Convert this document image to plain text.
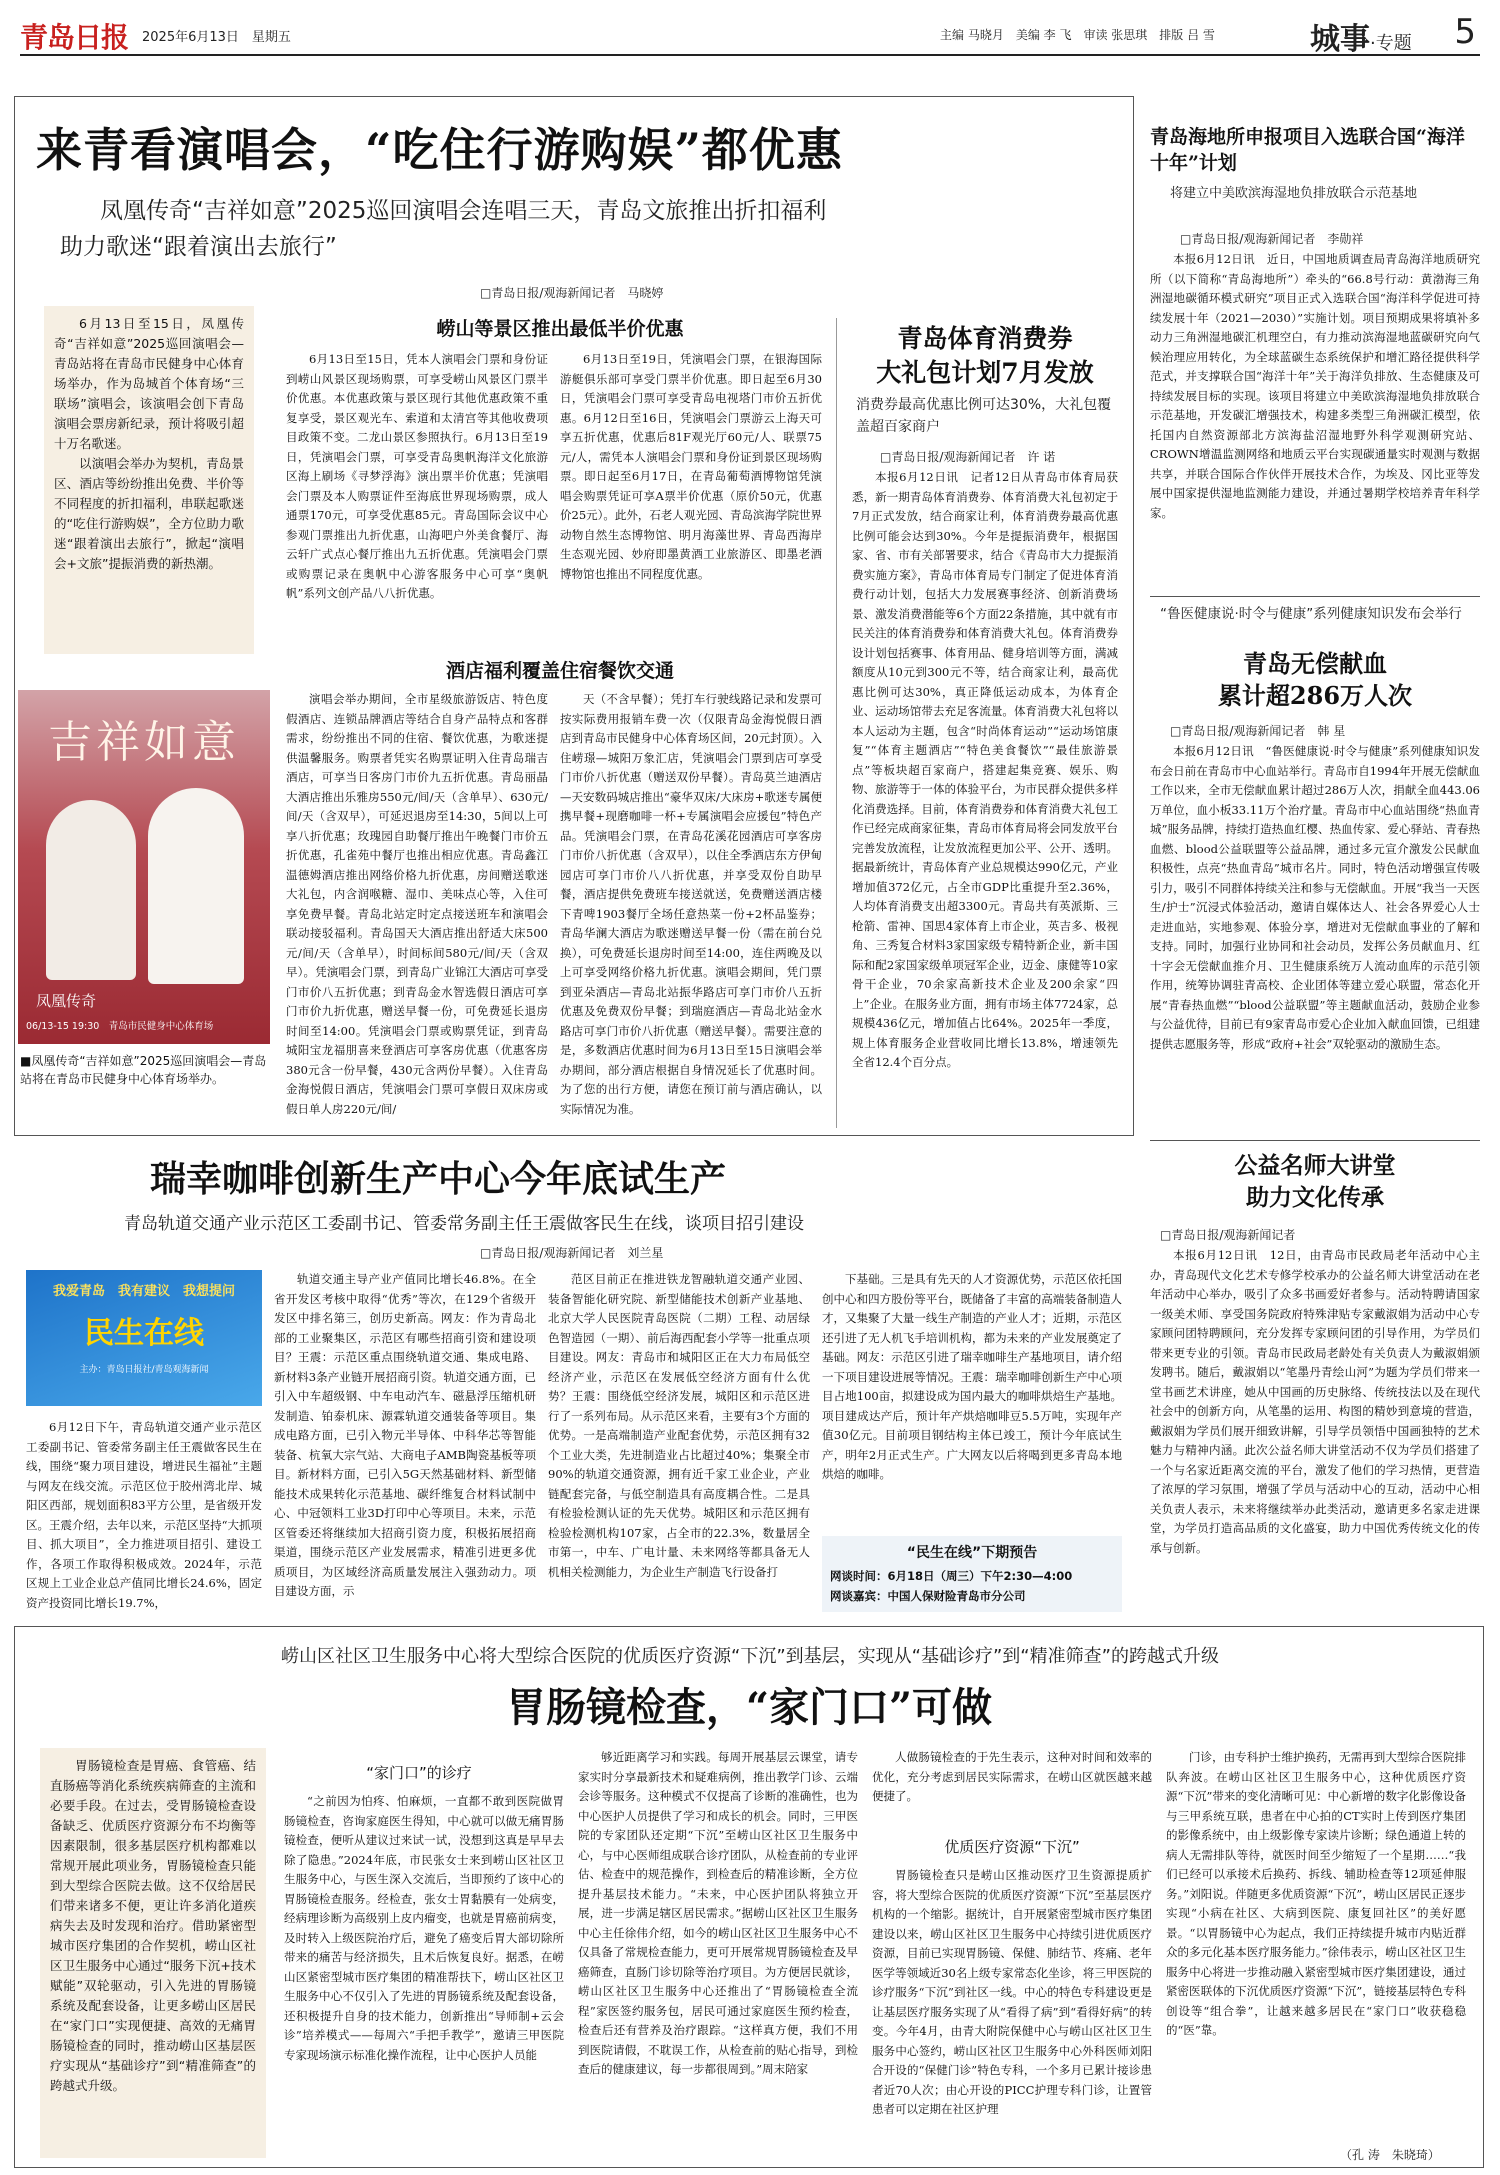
青岛日报 2025年6月13日　星期五	主编 马晓月　美编 李 飞　审读 张思琪　排版 吕 雪	城事·专题 5
来青看演唱会，“吃住行游购娱”都优惠
凤凰传奇“吉祥如意”2025巡回演唱会连唱三天，青岛文旅推出折扣福利
助力歌迷“跟着演出去旅行”
□青岛日报/观海新闻记者　马晓婷

6月13日至15日，凤凰传奇“吉祥如意”2025巡回演唱会—青岛站将在青岛市民健身中心体育场举办，作为岛城首个体育场“三联场”演唱会，该演唱会创下青岛演唱会票房新纪录，预计将吸引超十万名歌迷。

以演唱会举办为契机，青岛景区、酒店等纷纷推出免费、半价等不同程度的折扣福利，串联起歌迷的“吃住行游购娱”，全方位助力歌迷“跟着演出去旅行”，掀起“演唱会+文旅”提振消费的新热潮。

吉祥如意
凤凰传奇
06/13-15 19:30　青岛市民健身中心体育场
■凤凰传奇“吉祥如意”2025巡回演唱会—青岛站将在青岛市民健身中心体育场举办。
崂山等景区推出最低半价优惠

6月13日至15日，凭本人演唱会门票和身份证到崂山风景区现场购票，可享受崂山风景区门票半价优惠。本优惠政策与景区现行其他优惠政策不重复享受，景区观光车、索道和太清宫等其他收费项目政策不变。二龙山景区参照执行。6月13日至19日，凭演唱会门票，可享受青岛奥帆海洋文化旅游区海上刷场《寻梦浮海》演出票半价优惠；凭演唱会门票及本人购票证件至海底世界现场购票，成人通票170元，可享受优惠85元。青岛国际会议中心参观门票推出九折优惠，山海吧户外美食餐厅、海云轩广式点心餐厅推出九五折优惠。凭演唱会门票或购票记录在奥帆中心游客服务中心可享“奥帆帆”系列文创产品八八折优惠。

6月13日至19日，凭演唱会门票，在银海国际游艇俱乐部可享受门票半价优惠。即日起至6月30日，凭演唱会门票可享受青岛电视塔门市价五折优惠。6月12日至16日，凭演唱会门票游云上海天可享五折优惠，优惠后81F观光厅60元/人、联票75元/人，需凭本人演唱会门票和身份证到景区现场购票。即日起至6月17日，在青岛葡萄酒博物馆凭演唱会购票凭证可享A票半价优惠（原价50元，优惠价25元）。此外，石老人观光园、青岛滨海学院世界动物自然生态博物馆、明月海藻世界、青岛西海岸生态观光园、妙府即墨黄酒工业旅游区、即墨老酒博物馆也推出不同程度优惠。

酒店福利覆盖住宿餐饮交通

演唱会举办期间，全市星级旅游饭店、特色度假酒店、连锁品牌酒店等结合自身产品特点和客群需求，纷纷推出不同的住宿、餐饮优惠，为歌迷提供温馨服务。购票者凭实名购票证明入住青岛瑞吉酒店，可享当日客房门市价九五折优惠。青岛丽晶大酒店推出乐雅房550元/间/天（含单早）、630元/间/天（含双早），可延迟退房至14:30，5间以上可享八折优惠；玫瑰园自助餐厅推出午晚餐门市价五折优惠，孔雀苑中餐厅也推出相应优惠。青岛鑫江温德姆酒店推出网络价格九折优惠，房间赠送歌迷大礼包，内含润喉糖、湿巾、美味点心等，入住可享免费早餐。青岛北站定时定点接送班车和演唱会联动接驳福利。青岛国天大酒店推出舒适大床500元/间/天（含单早），时间标间580元/间/天（含双早）。凭演唱会门票，到青岛广业锦江大酒店可享受门市价八五折优惠；到青岛金水智选假日酒店可享门市价九折优惠，赠送早餐一份，可免费延长退房时间至14:00。凭演唱会门票或购票凭证，到青岛城阳宝龙福朋喜来登酒店可享客房优惠（优惠客房380元含一份早餐，430元含两份早餐）。入住青岛金海悦假日酒店，凭演唱会门票可享假日双床房或假日单人房220元/间/

天（不含早餐）；凭打车行驶线路记录和发票可按实际费用报销车费一次（仅限青岛金海悦假日酒店到青岛市民健身中心体育场区间，20元封顶）。入住崂璟—城阳万象汇店，凭演唱会门票到店可享受门市价八折优惠（赠送双份早餐）。青岛莫兰迪酒店—天安数码城店推出“豪华双床/大床房+歌迷专属便携早餐+现磨咖啡一杯+专属演唱会应援包”特色产品。凭演唱会门票，在青岛花溪花园酒店可享客房门市价八折优惠（含双早），以住全季酒店东方伊甸园店可享门市价八八折优惠，并享受双份自助早餐，酒店提供免费班车接送就送，免费赠送酒店楼下青啤1903餐厅全场任意热菜一份+2杯品鉴券；青岛华澜大酒店为歌迷赠送早餐一份（需在前台兑换），可免费延长退房时间至14:00，连住两晚及以上可享受网络价格九折优惠。演唱会期间，凭门票到亚朵酒店—青岛北站振华路店可享门市价八五折优惠及免费双份早餐；到瑞庭酒店—青岛北站金水路店可享门市价八折优惠（赠送早餐）。需要注意的是，多数酒店优惠时间为6月13日至15日演唱会举办期间，部分酒店根据自身情况延长了优惠时间。为了您的出行方便，请您在预订前与酒店确认，以实际情况为准。

青岛体育消费券
大礼包计划7月发放
消费券最高优惠比例可达30%，大礼包覆盖超百家商户
□青岛日报/观海新闻记者　许 诺

本报6月12日讯　记者12日从青岛市体育局获悉，新一期青岛体育消费券、体育消费大礼包初定于7月正式发放，结合商家让利，体育消费券最高优惠比例可能会达到30%。今年是提振消费年，根据国家、省、市有关部署要求，结合《青岛市大力提振消费实施方案》，青岛市体育局专门制定了促进体育消费行动计划，包括大力发展赛事经济、创新消费场景、激发消费潜能等6个方面22条措施，其中就有市民关注的体育消费券和体育消费大礼包。体育消费券设计划包括赛事、体育用品、健身培训等方面，满减额度从10元到300元不等，结合商家让利，最高优惠比例可达30%，真正降低运动成本，为体育企业、运动场馆带去充足客流量。体育消费大礼包将以本人运动为主题，包含“时尚体育运动”“运动场馆康复”“体育主题酒店”“特色美食餐饮”“最佳旅游景点”等板块超百家商户，搭建起集竞赛、娱乐、购物、旅游等于一体的体验平台，为市民群众提供多样化消费选择。目前，体育消费券和体育消费大礼包工作已经完成商家征集，青岛市体育局将会同发放平台完善发放流程，让发放流程更加公平、公开、透明。据最新统计，青岛体育产业总规模达990亿元，产业增加值372亿元，占全市GDP比重提升至2.36%，人均体育消费支出超3300元。青岛共有英派斯、三枪箭、雷神、国思4家体育上市企业，英吉多、极视角、三秀复合材料3家国家级专精特新企业，新丰国际和配2家国家级单项冠军企业，迈金、康健等10家骨干企业，70余家高新技术企业及200余家“四上”企业。在服务业方面，拥有市场主体7724家，总规模436亿元，增加值占比64%。2025年一季度，规上体育服务企业营收同比增长13.8%，增速领先全省12.4个百分点。

青岛海地所申报项目入选联合国“海洋十年”计划
将建立中美欧滨海湿地负排放联合示范基地
□青岛日报/观海新闻记者　李勋祥

本报6月12日讯　近日，中国地质调查局青岛海洋地质研究所（以下简称“青岛海地所”）牵头的“66.8号行动：黄渤海三角洲湿地碳循环模式研究”项目正式入选联合国“海洋科学促进可持续发展十年（2021—2030）”实施计划。项目预期成果将填补多动力三角洲湿地碳汇机理空白，有力推动滨海湿地蓝碳研究向气候治理应用转化，为全球蓝碳生态系统保护和增汇路径提供科学范式，并支撑联合国“海洋十年”关于海洋负排放、生态健康及可持续发展目标的实现。该项目将建立中美欧滨海湿地负排放联合示范基地，开发碳汇增强技术，构建多类型三角洲碳汇模型，依托国内自然资源部北方滨海盐沼湿地野外科学观测研究站、CROWN增温监测网络和地质云平台实现碳通量实时观测与数据共享，并联合国际合作伙伴开展技术合作，为埃及、冈比亚等发展中国家提供湿地监测能力建设，并通过暑期学校培养青年科学家。

“鲁医健康说·时令与健康”系列健康知识发布会举行
青岛无偿献血
累计超286万人次
□青岛日报/观海新闻记者　韩 星

本报6月12日讯　“鲁医健康说·时令与健康”系列健康知识发布会日前在青岛市中心血站举行。青岛市自1994年开展无偿献血工作以来，全市无偿献血累计超过286万人次，捐献全血443.06万单位，血小板33.11万个治疗量。青岛市中心血站围绕“热血青城”服务品牌，持续打造热血红樱、热血传家、爱心驿站、青春热血燃、blood公益联盟等公益品牌，通过多元宣介激发公民献血积极性，点亮“热血青岛”城市名片。同时，特色活动增强宣传吸引力，吸引不同群体持续关注和参与无偿献血。开展“我当一天医生/护士”沉浸式体验活动，邀请自媒体达人、社会各界爱心人士走进血站，实地参观、体验分享，增进对无偿献血事业的了解和支持。同时，加强行业协同和社会动员，发挥公务员献血月、红十字会无偿献血推介月、卫生健康系统万人流动血库的示范引领作用，统筹协调驻青高校、企业团体等建立爱心联盟，常态化开展“青春热血燃”“blood公益联盟”等主题献血活动，鼓励企业参与公益优待，目前已有9家青岛市爱心企业加入献血回馈，已组建提供志愿服务等，形成“政府+社会”双轮驱动的激励生态。

公益名师大讲堂
助力文化传承
□青岛日报/观海新闻记者

本报6月12日讯　12日，由青岛市民政局老年活动中心主办，青岛现代文化艺术专修学校承办的公益名师大讲堂活动在老年活动中心举办，吸引了众多书画爱好者参与。活动特聘请国家一级美术师、享受国务院政府特殊津贴专家戴淑娟为活动中心专家顾问团特聘顾问，充分发挥专家顾问团的引导作用，为学员们带来更专业的引领。青岛市民政局老龄处有关负责人为戴淑娟颁发聘书。随后，戴淑娟以“笔墨丹青绘山河”为题为学员们带来一堂书画艺术讲座，她从中国画的历史脉络、传统技法以及在现代社会中的创新方向，从笔墨的运用、构图的精妙到意境的营造，戴淑娟为学员们展开细致讲解，引导学员领悟中国画独特的艺术魅力与精神内涵。此次公益名师大讲堂活动不仅为学员们搭建了一个与名家近距离交流的平台，激发了他们的学习热情，更营造了浓厚的学习氛围，增强了学员与活动中心的互动，活动中心相关负责人表示，未来将继续举办此类活动，邀请更多名家走进课堂，为学员打造高品质的文化盛宴，助力中国优秀传统文化的传承与创新。

瑞幸咖啡创新生产中心今年底试生产
青岛轨道交通产业示范区工委副书记、管委常务副主任王震做客民生在线，谈项目招引建设
□青岛日报/观海新闻记者　刘兰星
我爱青岛　我有建议　我想提问
民生在线
主办：青岛日报社/青岛观海新闻

6月12日下午，青岛轨道交通产业示范区工委副书记、管委常务副主任王震做客民生在线，围绕“聚力项目建设，增进民生福祉”主题与网友在线交流。示范区位于胶州湾北岸、城阳区西部，规划面积83平方公里，是省级开发区。王震介绍，去年以来，示范区坚持“大抓项目、抓大项目”，全力推进项目招引、建设工作，各项工作取得积极成效。2024年，示范区规上工业企业总产值同比增长24.6%，固定资产投资同比增长19.7%，

轨道交通主导产业产值同比增长46.8%。在全省开发区考核中取得“优秀”等次，在129个省级开发区中排名第三，创历史新高。网友：作为青岛北部的工业聚集区，示范区有哪些招商引资和建设项目？王震：示范区重点围绕轨道交通、集成电路、新材料3条产业链开展招商引资。轨道交通方面，已引入中车超级钢、中车电动汽车、磁悬浮压缩机研发制造、铂泰机床、源霖轨道交通装备等项目。集成电路方面，已引入物元半导体、中科华芯等智能装备、杭氧大宗气站、大商电子AMB陶瓷基板等项目。新材料方面，已引入5G天然基础材料、新型储能技术成果转化示范基地、碳纤维复合材料试制中心、中冠领料工业3D打印中心等项目。未来，示范区管委还将继续加大招商引资力度，积极拓展招商渠道，围绕示范区产业发展需求，精准引进更多优质项目，为区域经济高质量发展注入强劲动力。项目建设方面，示

范区目前正在推进铁龙智融轨道交通产业园、装备智能化研究院、新型储能技术创新产业基地、北京大学人民医院青岛医院（二期）工程、动居绿色智造园（一期）、前后海西配套小学等一批重点项目建设。网友：青岛市和城阳区正在大力布局低空经济产业，示范区在发展低空经济方面有什么优势？王震：围绕低空经济发展，城阳区和示范区进行了一系列布局。从示范区来看，主要有3个方面的优势。一是高端制造产业配套优势，示范区拥有32个工业大类，先进制造业占比超过40%；集聚全市90%的轨道交通资源，拥有近千家工业企业，产业链配套完备，与低空制造具有高度耦合性。二是具有检验检测认证的先天优势。城阳区和示范区拥有检验检测机构107家，占全市的22.3%，数量居全市第一，中车、广电计量、未来网络等都具备无人机相关检测能力，为企业生产制造飞行设备打

下基础。三是具有先天的人才资源优势，示范区依托国创中心和四方股份等平台，既储备了丰富的高端装备制造人才，又集聚了大量一线生产制造的产业人才；近期，示范区还引进了无人机飞手培训机构，都为未来的产业发展奠定了基础。网友：示范区引进了瑞幸咖啡生产基地项目，请介绍一下项目建设进展等情况。王震：瑞幸咖啡创新生产中心项目占地100亩，拟建设成为国内最大的咖啡烘焙生产基地。项目建成达产后，预计年产烘焙咖啡豆5.5万吨，实现年产值30亿元。目前项目钢结构主体已竣工，预计今年底试生产，明年2月正式生产。广大网友以后将喝到更多青岛本地烘焙的咖啡。

“民生在线”下期预告
网谈时间：6月18日（周三）下午2:30—4:00
网谈嘉宾：中国人保财险青岛市分公司
崂山区社区卫生服务中心将大型综合医院的优质医疗资源“下沉”到基层，实现从“基础诊疗”到“精准筛查”的跨越式升级
胃肠镜检查，“家门口”可做

胃肠镜检查是胃癌、食管癌、结直肠癌等消化系统疾病筛查的主流和必要手段。在过去，受胃肠镜检查设备缺乏、优质医疗资源分布不均衡等因素限制，很多基层医疗机构都难以常规开展此项业务，胃肠镜检查只能到大型综合医院去做。这不仅给居民们带来诸多不便，更让许多消化道疾病失去及时发现和治疗。借助紧密型城市医疗集团的合作契机，崂山区社区卫生服务中心通过“服务下沉+技术赋能”双轮驱动，引入先进的胃肠镜系统及配套设备，让更多崂山区居民在“家门口”实现便捷、高效的无痛胃肠镜检查的同时，推动崂山区基层医疗实现从“基础诊疗”到“精准筛查”的跨越式升级。

“家门口”的诊疗

“之前因为怕疼、怕麻烦，一直都不敢到医院做胃肠镜检查，咨询家庭医生得知，中心就可以做无痛胃肠镜检查，便听从建议过来试一试，没想到这真是早早去除了隐患。”2024年底，市民张女士来到崂山区社区卫生服务中心，与医生深入交流后，当即预约了该中心的胃肠镜检查服务。经检查，张女士胃黏膜有一处病变，经病理诊断为高级别上皮内瘤变，也就是胃癌前病变，及时转入上级医院治疗后，避免了癌变后胃大部切除所带来的痛苦与经济损失，且术后恢复良好。据悉，在崂山区紧密型城市医疗集团的精准帮扶下，崂山区社区卫生服务中心不仅引入了先进的胃肠镜系统及配套设备，还积极提升自身的技术能力，创新推出“导师制+云会诊”培养模式——每周六“手把手教学”，邀请三甲医院专家现场演示标准化操作流程，让中心医护人员能

够近距离学习和实践。每周开展基层云课堂，请专家实时分享最新技术和疑难病例，推出教学门诊、云端会诊等服务。这种模式不仅提高了诊断的准确性，也为中心医护人员提供了学习和成长的机会。同时，三甲医院的专家团队还定期“下沉”至崂山区社区卫生服务中心，与中心医师组成联合诊疗团队，从检查前的专业评估、检查中的规范操作，到检查后的精准诊断，全方位提升基层技术能力。“未来，中心医护团队将独立开展，进一步满足辖区居民需求。”据崂山区社区卫生服务中心主任徐伟介绍，如今的崂山区社区卫生服务中心不仅具备了常规检查能力，更可开展常规胃肠镜检查及早癌筛查，直肠门诊切除等治疗项目。为方便居民就诊，崂山区社区卫生服务中心还推出了“胃肠镜检查全流程”家医签约服务包，居民可通过家庭医生预约检查，检查后还有营养及治疗跟踪。“这样真方便，我们不用到医院请假，不耽误工作，从检查前的贴心指导，到检查后的健康建议，每一步都很周到。”周末陪家

人做肠镜检查的于先生表示，这种对时间和效率的优化，充分考虑到居民实际需求，在崂山区就医越来越便捷了。

优质医疗资源“下沉”

胃肠镜检查只是崂山区推动医疗卫生资源提质扩容，将大型综合医院的优质医疗资源“下沉”至基层医疗机构的一个缩影。据统计，自开展紧密型城市医疗集团建设以来，崂山区社区卫生服务中心持续引进优质医疗资源，目前已实现胃肠镜、保健、肺结节、疼痛、老年医学等领域近30名上级专家常态化坐诊，将三甲医院的诊疗服务“下沉”到社区一线。中心的特色专科建设更是让基层医疗服务实现了从“看得了病”到“看得好病”的转变。今年4月，由青大附院保健中心与崂山区社区卫生服务中心签约，崂山区社区卫生服务中心外科医师刘阳合开设的“保健门诊”特色专科，一个多月已累计接诊患者近70人次；由心开设的PICC护理专科门诊，让置管患者可以定期在社区护理

门诊，由专科护士维护换药，无需再到大型综合医院排队奔波。在崂山区社区卫生服务中心，这种优质医疗资源“下沉”带来的变化清晰可见：中心新增的数字化影像设备与三甲系统互联，患者在中心拍的CT实时上传到医疗集团的影像系统中，由上级影像专家读片诊断；绿色通道上转的病人无需排队等待，就医时间至少缩短了一个星期……“我们已经可以承接术后换药、拆线、辅助检查等12项延伸服务。”刘阳说。伴随更多优质资源“下沉”，崂山区居民正逐步实现“小病在社区、大病到医院、康复回社区”的美好愿景。“以胃肠镜中心为起点，我们正持续提升城市内贴近群众的多元化基本医疗服务能力。”徐伟表示，崂山区社区卫生服务中心将进一步推动融入紧密型城市医疗集团建设，通过紧密医联体的下沉优质医疗资源“下沉”，链接基层特色专科创设等“组合拳”，让越来越多居民在“家门口”收获稳稳的“医”靠。

（孔 涛　朱晓琦）
